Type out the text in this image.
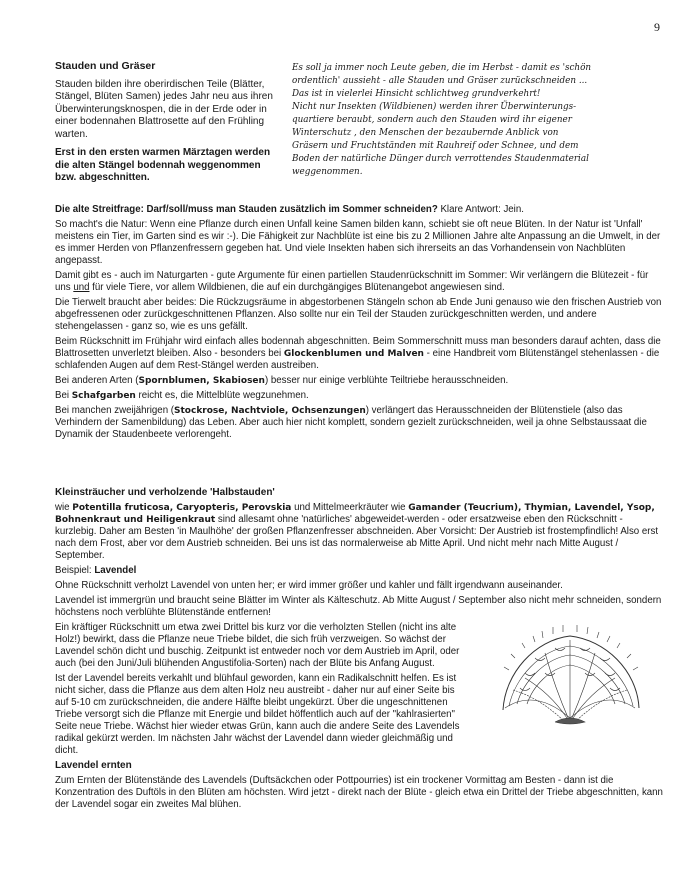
9
Stauden und Gräser
Stauden bilden ihre oberirdischen Teile (Blätter, Stängel, Blüten Samen) jedes Jahr neu aus ihren Überwinterungsknospen, die in der Erde oder in einer bodennahen Blattrosette auf den Frühling warten.
Erst in den ersten warmen Märztagen werden die alten Stängel bodennah weggenommen bzw. abgeschnitten.
Es soll ja immer noch Leute geben, die im Herbst - damit es 'schön
ordentlich' aussieht - alle Stauden und Gräser zurückschneiden ...
Das ist in vielerlei Hinsicht schlichtweg grundverkehrt!
Nicht nur Insekten (Wildbienen) werden ihrer Überwinterungs-
quartiere beraubt, sondern auch den Stauden wird ihr eigener
Winterschutz , den Menschen der bezaubernde Anblick von
Gräsern und Fruchtständen mit Rauhreif oder Schnee, und dem
Boden der natürliche Dünger durch verrottendes Staudenmaterial
weggenommen.
Die alte Streitfrage: Darf/soll/muss man Stauden zusätzlich im Sommer schneiden? Klare Antwort: Jein.
So macht's die Natur: Wenn eine Pflanze durch einen Unfall keine Samen bilden kann, schiebt sie oft neue Blüten. In der Natur ist 'Unfall' meistens ein Tier, im Garten sind es wir :-). Die Fähigkeit zur Nachblüte ist eine bis zu 2 Millionen Jahre alte Anpassung an die Umwelt, in der es immer Herden von Pflanzenfressern gegeben hat. Und viele Insekten haben sich ihrerseits an das Vorhandensein von Nachblüten angepasst.
Damit gibt es - auch im Naturgarten - gute Argumente für einen partiellen Staudenrückschnitt im Sommer: Wir verlängern die Blütezeit - für uns und für viele Tiere, vor allem Wildbienen, die auf ein durchgängiges Blütenangebot angewiesen sind.
Die Tierwelt braucht aber beides: Die Rückzugsräume in abgestorbenen Stängeln schon ab Ende Juni genauso wie den frischen Austrieb von abgefressenen oder zurückgeschnittenen Pflanzen. Also sollte nur ein Teil der Stauden zurückgeschnitten werden, und andere stehengelassen - ganz so, wie es uns gefällt.
Beim Rückschnitt im Frühjahr wird einfach alles bodennah abgeschnitten. Beim Sommerschnitt muss man besonders darauf achten, dass die Blattrosetten unverletzt bleiben. Also - besonders bei Glockenblumen und Malven - eine Handbreit vom Blütenstängel stehenlassen - die schlafenden Augen auf dem Rest-Stängel werden austreiben.
Bei anderen Arten (Spornblumen, Skabiosen) besser nur einige verblühte Teiltriebe herausschneiden.
Bei Schafgarben reicht es, die Mittelblüte wegzunehmen.
Bei manchen zweijährigen (Stockrose, Nachtviole, Ochsenzungen) verlängert das Herausschneiden der Blütenstiele (also das Verhindern der Samenbildung) das Leben. Aber auch hier nicht komplett, sondern gezielt zurückschneiden, weil ja ohne Selbstaussaat die Dynamik der Staudenbeete verlorengeht.
Kleinsträucher und verholzende 'Halbstauden'
wie Potentilla fruticosa, Caryopteris, Perovskia und Mittelmeerkräuter wie Gamander (Teucrium), Thymian, Lavendel, Ysop, Bohnenkraut und Heiligenkraut sind allesamt ohne 'natürliches' abgeweidet-werden - oder ersatzweise eben den Rückschnitt - kurzlebig. Daher am Besten 'in Maulhöhe' der großen Pflanzenfresser abschneiden. Aber Vorsicht: Der Austrieb ist frostempfindlich! Also erst nach dem Frost, aber vor dem Austrieb schneiden. Bei uns ist das normalerweise ab Mitte April. Und nicht mehr nach Mitte August / September.
Beispiel: Lavendel
Ohne Rückschnitt verholzt Lavendel von unten her; er wird immer größer und kahler und fällt irgendwann auseinander.
Lavendel ist immergrün und braucht seine Blätter im Winter als Kälteschutz. Ab Mitte August / September also nicht mehr schneiden, sondern höchstens noch verblühte Blütenstände entfernen!
Ein kräftiger Rückschnitt um etwa zwei Drittel bis kurz vor die verholzten Stellen (nicht ins alte Holz!) bewirkt, dass die Pflanze neue Triebe bildet, die sich früh verzweigen. So wächst der Lavendel schön dicht und buschig. Zeitpunkt ist entweder noch vor dem Austrieb im April, oder auch (bei den Juni/Juli blühenden Angustifolia-Sorten) nach der Blüte bis Anfang August.
Ist der Lavendel bereits verkahlt und blühfaul geworden, kann ein Radikalschnitt helfen. Es ist nicht sicher, dass die Pflanze aus dem alten Holz neu austreibt - daher nur auf einer Seite bis auf 5-10 cm zurückschneiden, die andere Hälfte bleibt ungekürzt. Über die ungeschnittenen Triebe versorgt sich die Pflanze mit Energie und bildet höffentlich auch auf der "kahlrasierten" Seite neue Triebe. Wächst hier wieder etwas Grün, kann auch die andere Seite des Lavendels radikal gekürzt werden. Im nächsten Jahr wächst der Lavendel dann wieder gleichmäßig und dicht.
Lavendel ernten
Zum Ernten der Blütenstände des Lavendels (Duftsäckchen oder Pottpourries) ist ein trockener Vormittag am Besten - dann ist die Konzentration des Duftöls in den Blüten am höchsten. Wird jetzt - direkt nach der Blüte - gleich etwa ein Drittel der Triebe abgeschnitten, kann der Lavendel sogar ein zweites Mal blühen.
